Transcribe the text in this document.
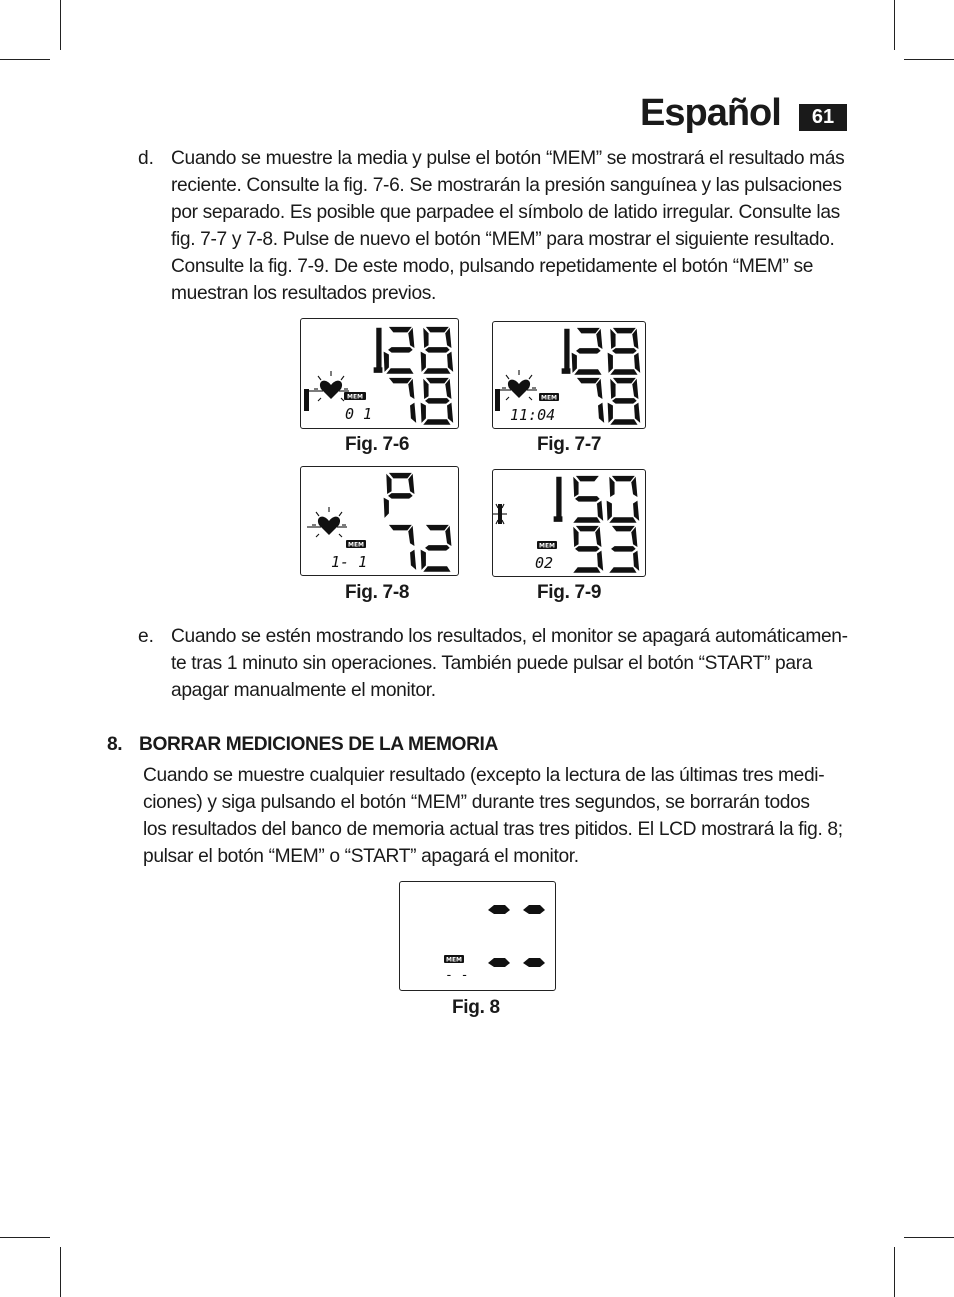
Español	61
d. Cuando se muestre la media y pulse el botón “MEM” se mostrará el resultado más
reciente. Consulte la fig. 7-6. Se mostrarán la presión sanguínea y las pulsaciones
por separado. Es posible que parpadee el símbolo de latido irregular. Consulte las
fig. 7-7 y 7-8. Pulse de nuevo el botón “MEM” para mostrar el siguiente resultado.
Consulte la fig. 7-9. De este modo, pulsando repetidamente el botón “MEM” se
muestran los resultados previos.
MEM
0 1
Fig. 7-6
MEM
11:04
Fig. 7-7
MEM
1- 1
Fig. 7-8
MEM
02
Fig. 7-9
e. Cuando se estén mostrando los resultados, el monitor se apagará automáticamen-
te tras 1 minuto sin operaciones. También puede pulsar el botón “START” para
apagar manualmente el monitor.
8. BORRAR MEDICIONES DE LA MEMORIA
Cuando se muestre cualquier resultado (excepto la lectura de las últimas tres medi-
ciones) y siga pulsando el botón “MEM” durante tres segundos, se borrarán todos
los resultados del banco de memoria actual tras tres pitidos. El LCD mostrará la fig. 8;
pulsar el botón “MEM” o “START” apagará el monitor.
MEM
- -
Fig. 8
